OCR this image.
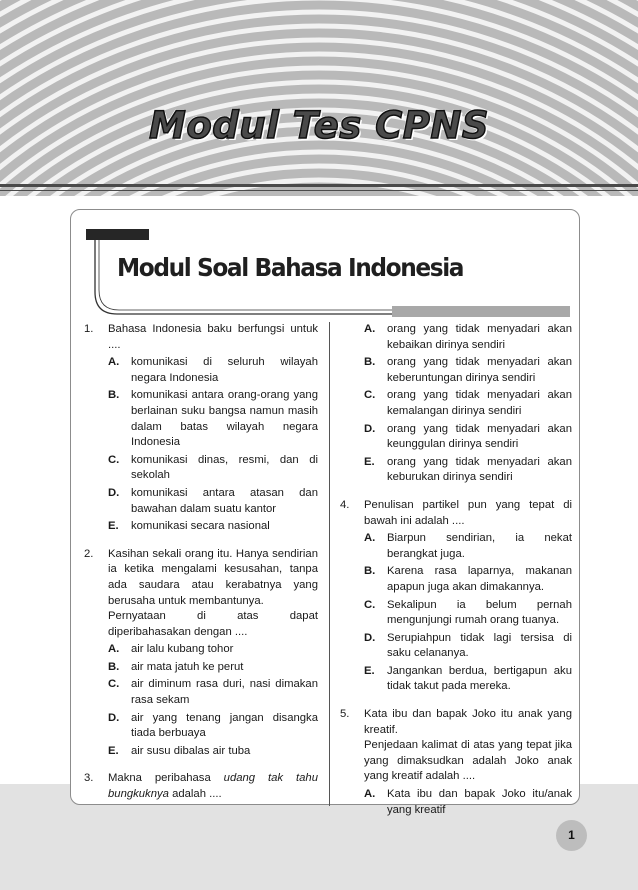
Modul Tes CPNS
Modul Soal Bahasa Indonesia
1. Bahasa Indonesia baku berfungsi untuk ....
A. komunikasi di seluruh wilayah negara Indonesia
B. komunikasi antara orang-orang yang berlainan suku bangsa namun masih dalam batas wilayah negara Indonesia
C. komunikasi dinas, resmi, dan di sekolah
D. komunikasi antara atasan dan bawahan dalam suatu kantor
E. komunikasi secara nasional
2. Kasihan sekali orang itu. Hanya sendirian ia ketika mengalami kesusahan, tanpa ada saudara atau kerabatnya yang berusaha untuk membantunya.
Pernyataan di atas dapat diperibahasakan dengan ....
A. air lalu kubang tohor
B. air mata jatuh ke perut
C. air diminum rasa duri, nasi dimakan rasa sekam
D. air yang tenang jangan disangka tiada berbuaya
E. air susu dibalas air tuba
3. Makna peribahasa udang tak tahu bungkuknya adalah ....
A. orang yang tidak menyadari akan kebaikan dirinya sendiri
B. orang yang tidak menyadari akan keberuntungan dirinya sendiri
C. orang yang tidak menyadari akan kemalangan dirinya sendiri
D. orang yang tidak menyadari akan keunggulan dirinya sendiri
E. orang yang tidak menyadari akan keburukan dirinya sendiri
4. Penulisan partikel pun yang tepat di bawah ini adalah ....
A. Biarpun sendirian, ia nekat berangkat juga.
B. Karena rasa laparnya, makanan apapun juga akan dimakannya.
C. Sekalipun ia belum pernah mengunjungi rumah orang tuanya.
D. Serupiahpun tidak lagi tersisa di saku celananya.
E. Jangankan berdua, bertigapun aku tidak takut pada mereka.
5. Kata ibu dan bapak Joko itu anak yang kreatif.
Penjedaan kalimat di atas yang tepat jika yang dimaksudkan adalah Joko anak yang kreatif adalah ....
A. Kata ibu dan bapak Joko itu/anak yang kreatif
1
